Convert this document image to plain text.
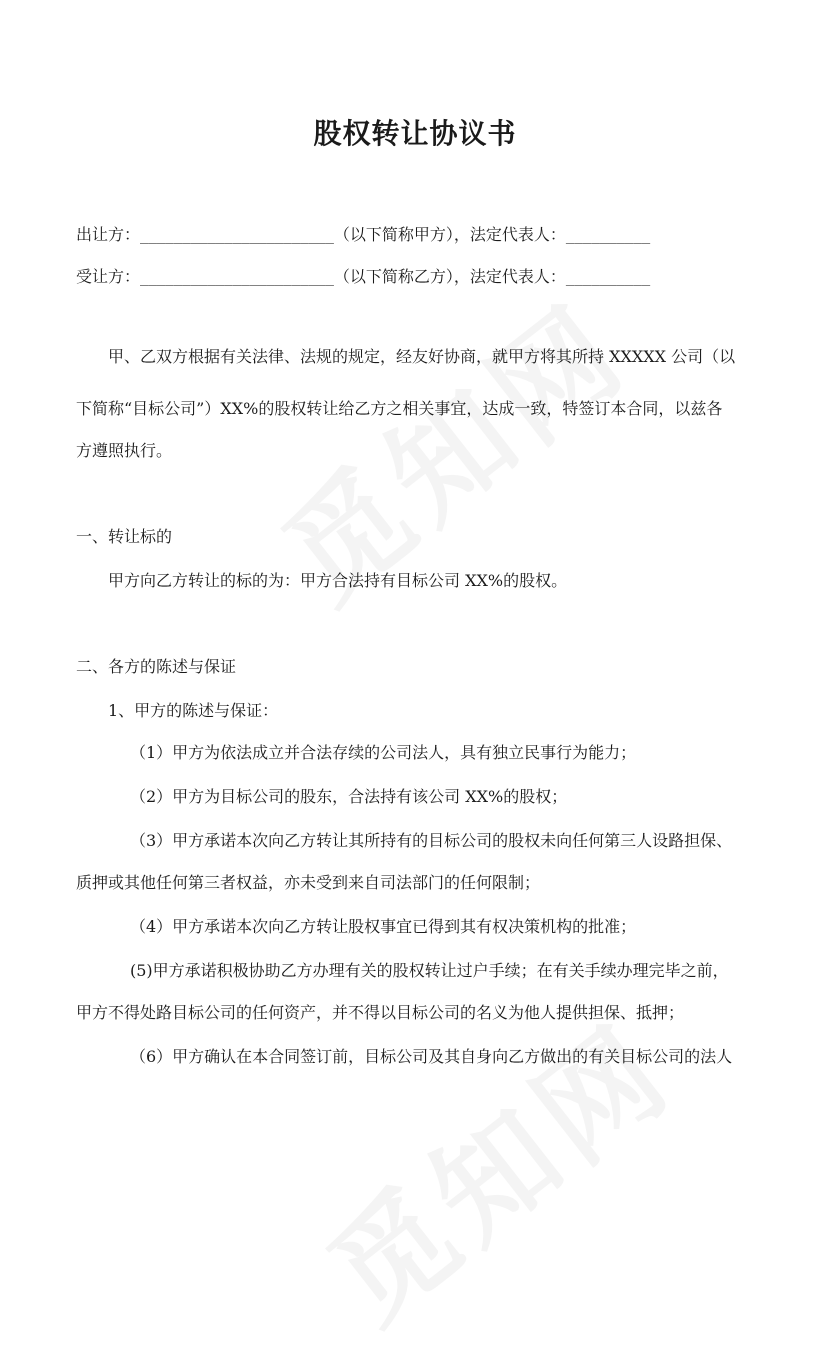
股权转让协议书
出让方：_______________________（以下简称甲方），法定代表人：__________
受让方：_______________________（以下简称乙方），法定代表人：__________
甲、乙双方根据有关法律、法规的规定，经友好协商，就甲方将其所持 XXXXX 公司（以
下简称“目标公司”）XX%的股权转让给乙方之相关事宜，达成一致，特签订本合同，以兹各
方遵照执行。
一、转让标的
甲方向乙方转让的标的为：甲方合法持有目标公司 XX%的股权。
二、各方的陈述与保证
1、甲方的陈述与保证：
（1）甲方为依法成立并合法存续的公司法人，具有独立民事行为能力；
（2）甲方为目标公司的股东，合法持有该公司 XX%的股权；
（3）甲方承诺本次向乙方转让其所持有的目标公司的股权未向任何第三人设路担保、
质押或其他任何第三者权益，亦未受到来自司法部门的任何限制；
（4）甲方承诺本次向乙方转让股权事宜已得到其有权决策机构的批准；
(5)甲方承诺积极协助乙方办理有关的股权转让过户手续；在有关手续办理完毕之前，
甲方不得处路目标公司的任何资产，并不得以目标公司的名义为他人提供担保、抵押；
（6）甲方确认在本合同签订前，目标公司及其自身向乙方做出的有关目标公司的法人
